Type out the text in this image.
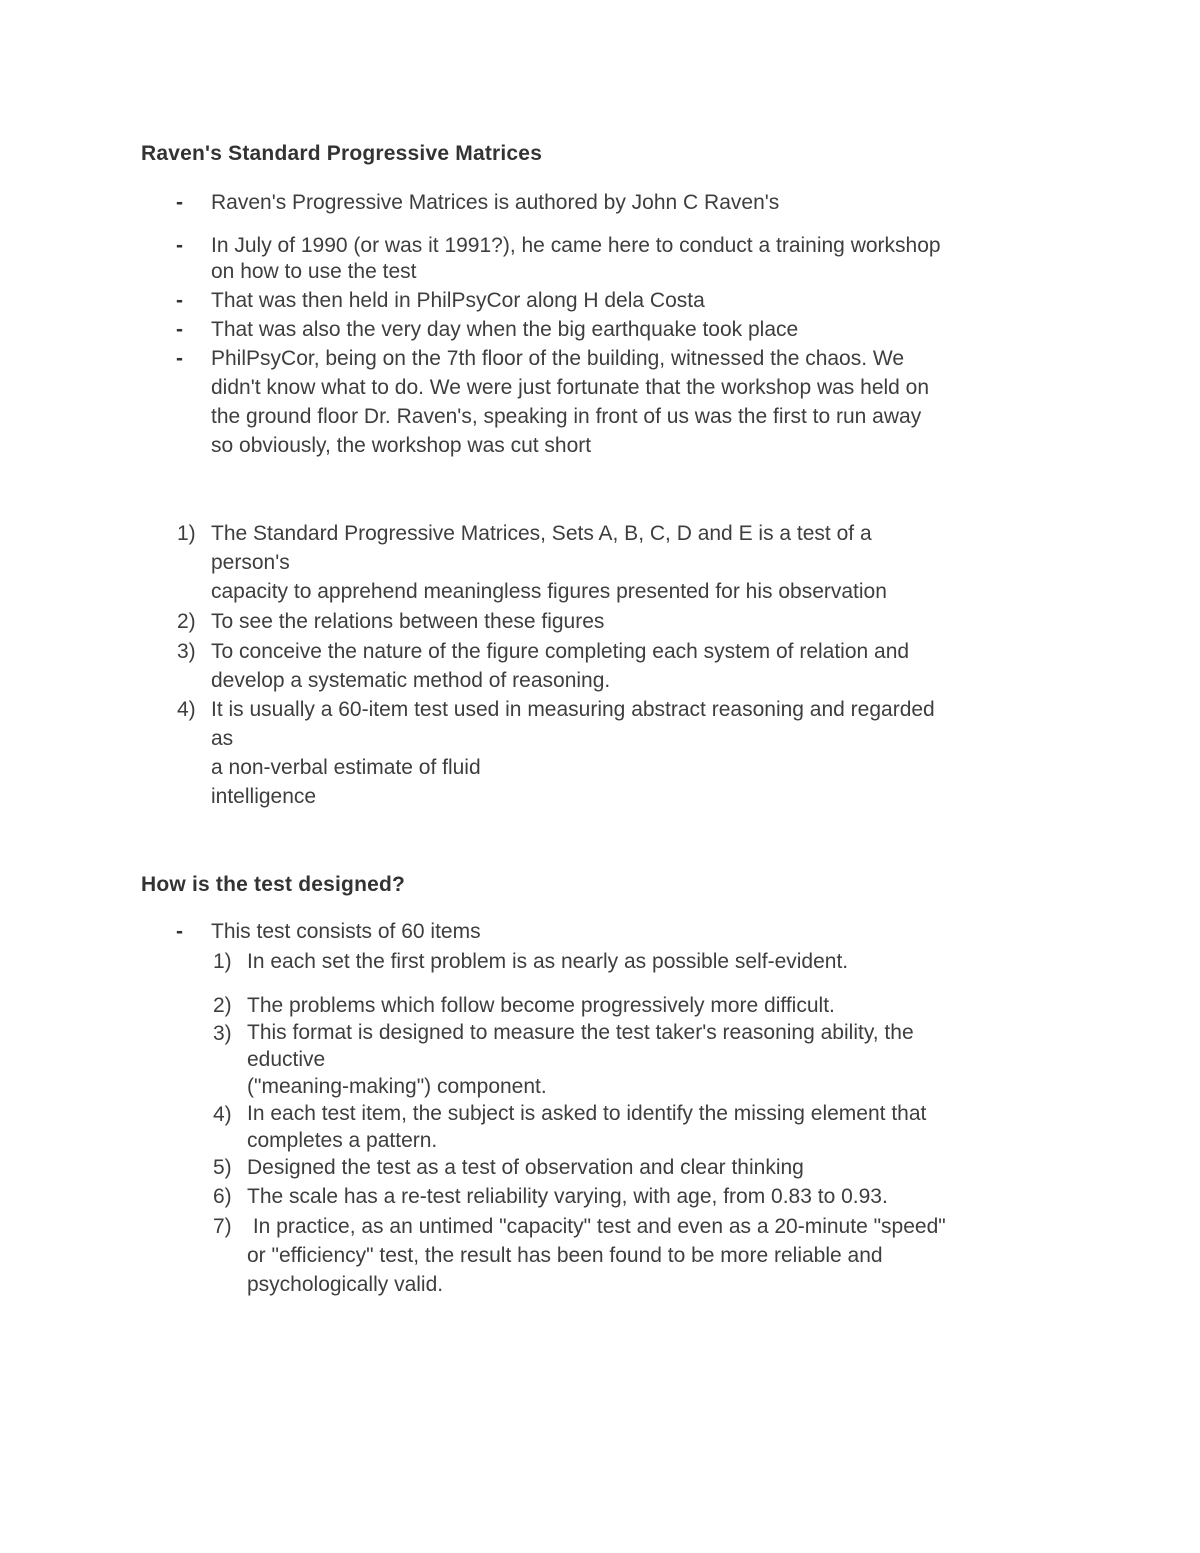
Raven's Standard Progressive Matrices
- Raven's Progressive Matrices is authored by John C Raven's
- In July of 1990 (or was it 1991?), he came here to conduct a training workshop
on how to use the test
- That was then held in PhilPsyCor along H dela Costa
- That was also the very day when the big earthquake took place
- PhilPsyCor, being on the 7th floor of the building, witnessed the chaos. We
didn't know what to do. We were just fortunate that the workshop was held on
the ground floor Dr. Raven's, speaking in front of us was the first to run away
so obviously, the workshop was cut short
1) The Standard Progressive Matrices, Sets A, B, C, D and E is a test of a
person's
capacity to apprehend meaningless figures presented for his observation
2) To see the relations between these figures
3) To conceive the nature of the figure completing each system of relation and
develop a systematic method of reasoning.
4) It is usually a 60-item test used in measuring abstract reasoning and regarded
as
a non-verbal estimate of fluid
intelligence
How is the test designed?
- This test consists of 60 items
1) In each set the first problem is as nearly as possible self-evident.
2) The problems which follow become progressively more difficult.
3) This format is designed to measure the test taker's reasoning ability, the
eductive
("meaning-making") component.
4) In each test item, the subject is asked to identify the missing element that
completes a pattern.
5) Designed the test as a test of observation and clear thinking
6) The scale has a re-test reliability varying, with age, from 0.83 to 0.93.
7) In practice, as an untimed "capacity" test and even as a 20-minute "speed"
or "efficiency" test, the result has been found to be more reliable and
psychologically valid.
